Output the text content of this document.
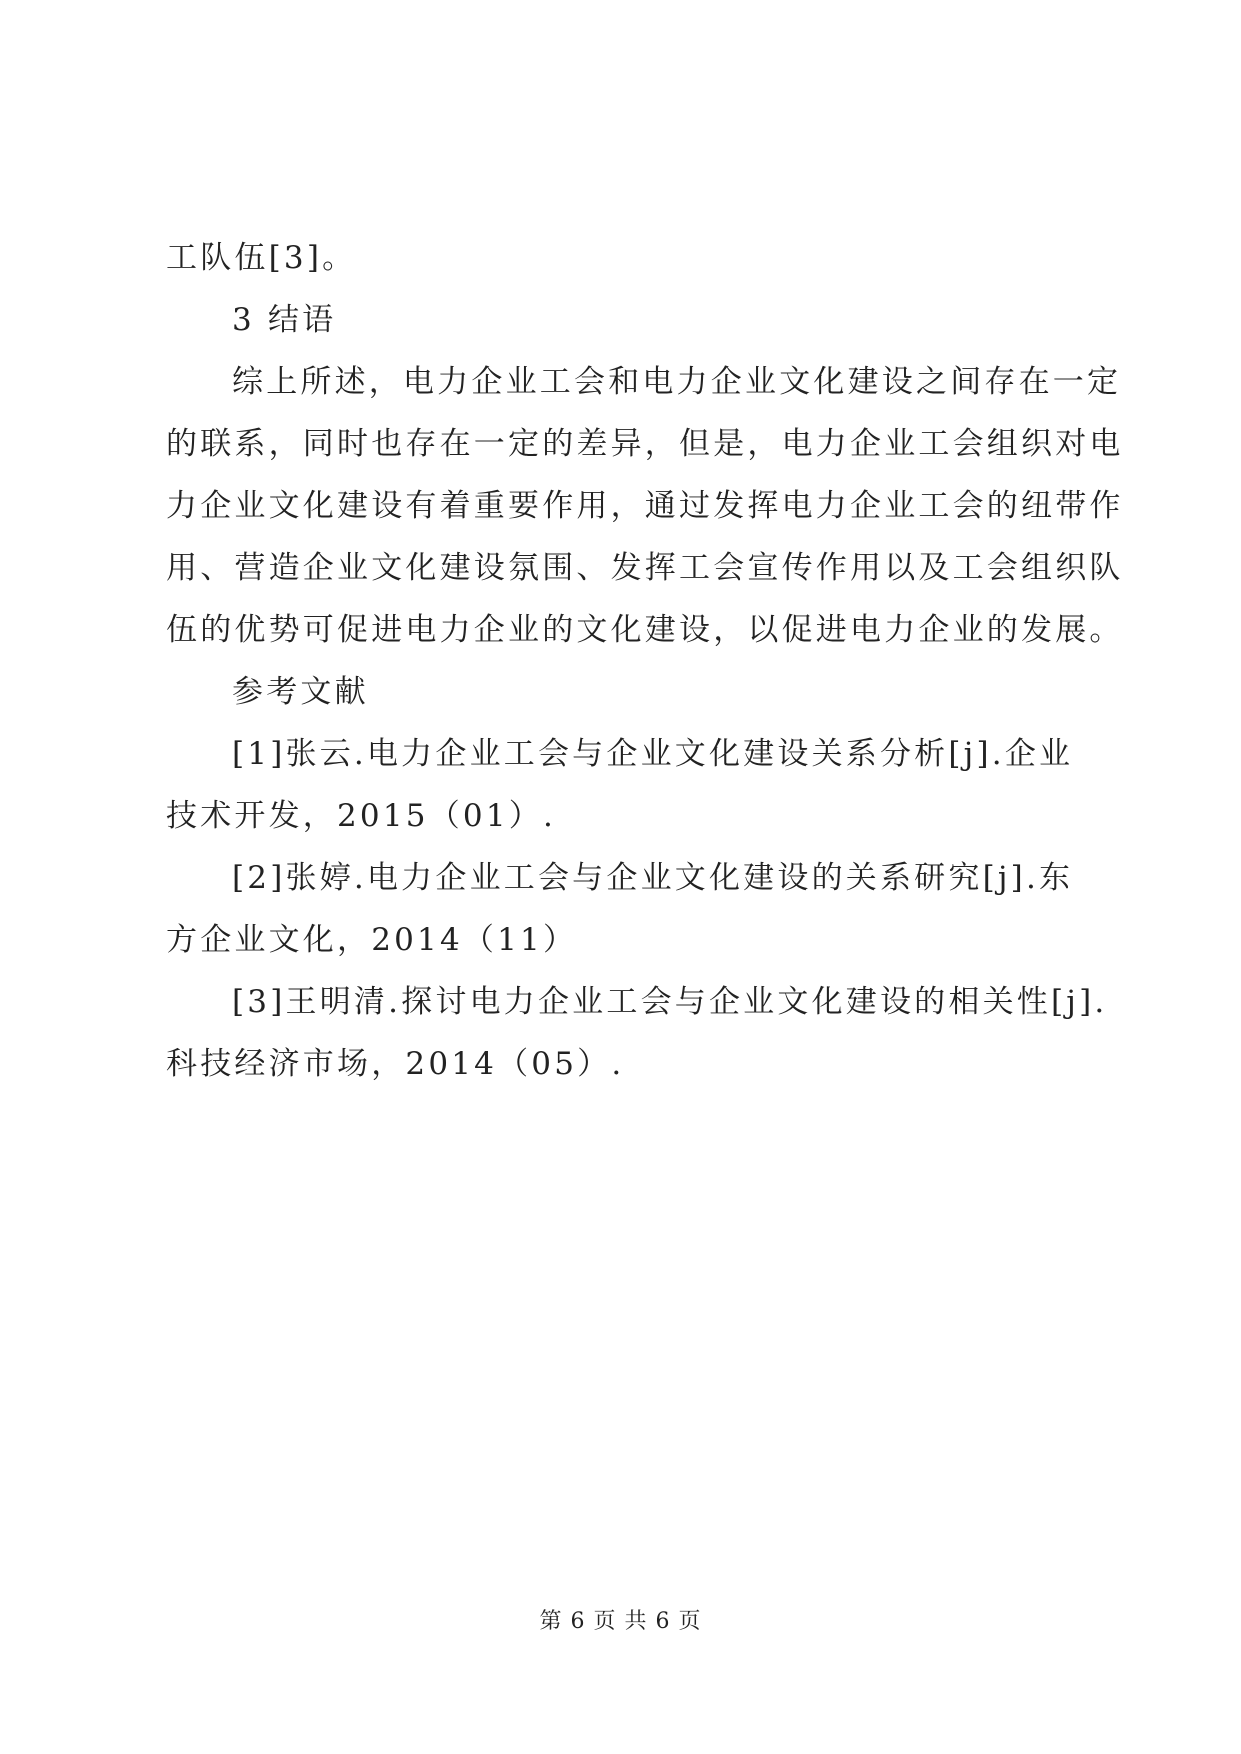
工队伍[3]。
3 结语
综上所述，电力企业工会和电力企业文化建设之间存在一定
的联系，同时也存在一定的差异，但是，电力企业工会组织对电
力企业文化建设有着重要作用，通过发挥电力企业工会的纽带作
用、营造企业文化建设氛围、发挥工会宣传作用以及工会组织队
伍的优势可促进电力企业的文化建设，以促进电力企业的发展。
参考文献
[1]张云.电力企业工会与企业文化建设关系分析[j].企业
技术开发，2015（01）.
[2]张婷.电力企业工会与企业文化建设的关系研究[j].东
方企业文化，2014（11）
[3]王明清.探讨电力企业工会与企业文化建设的相关性[j].
科技经济市场，2014（05）.
第 6 页 共 6 页
